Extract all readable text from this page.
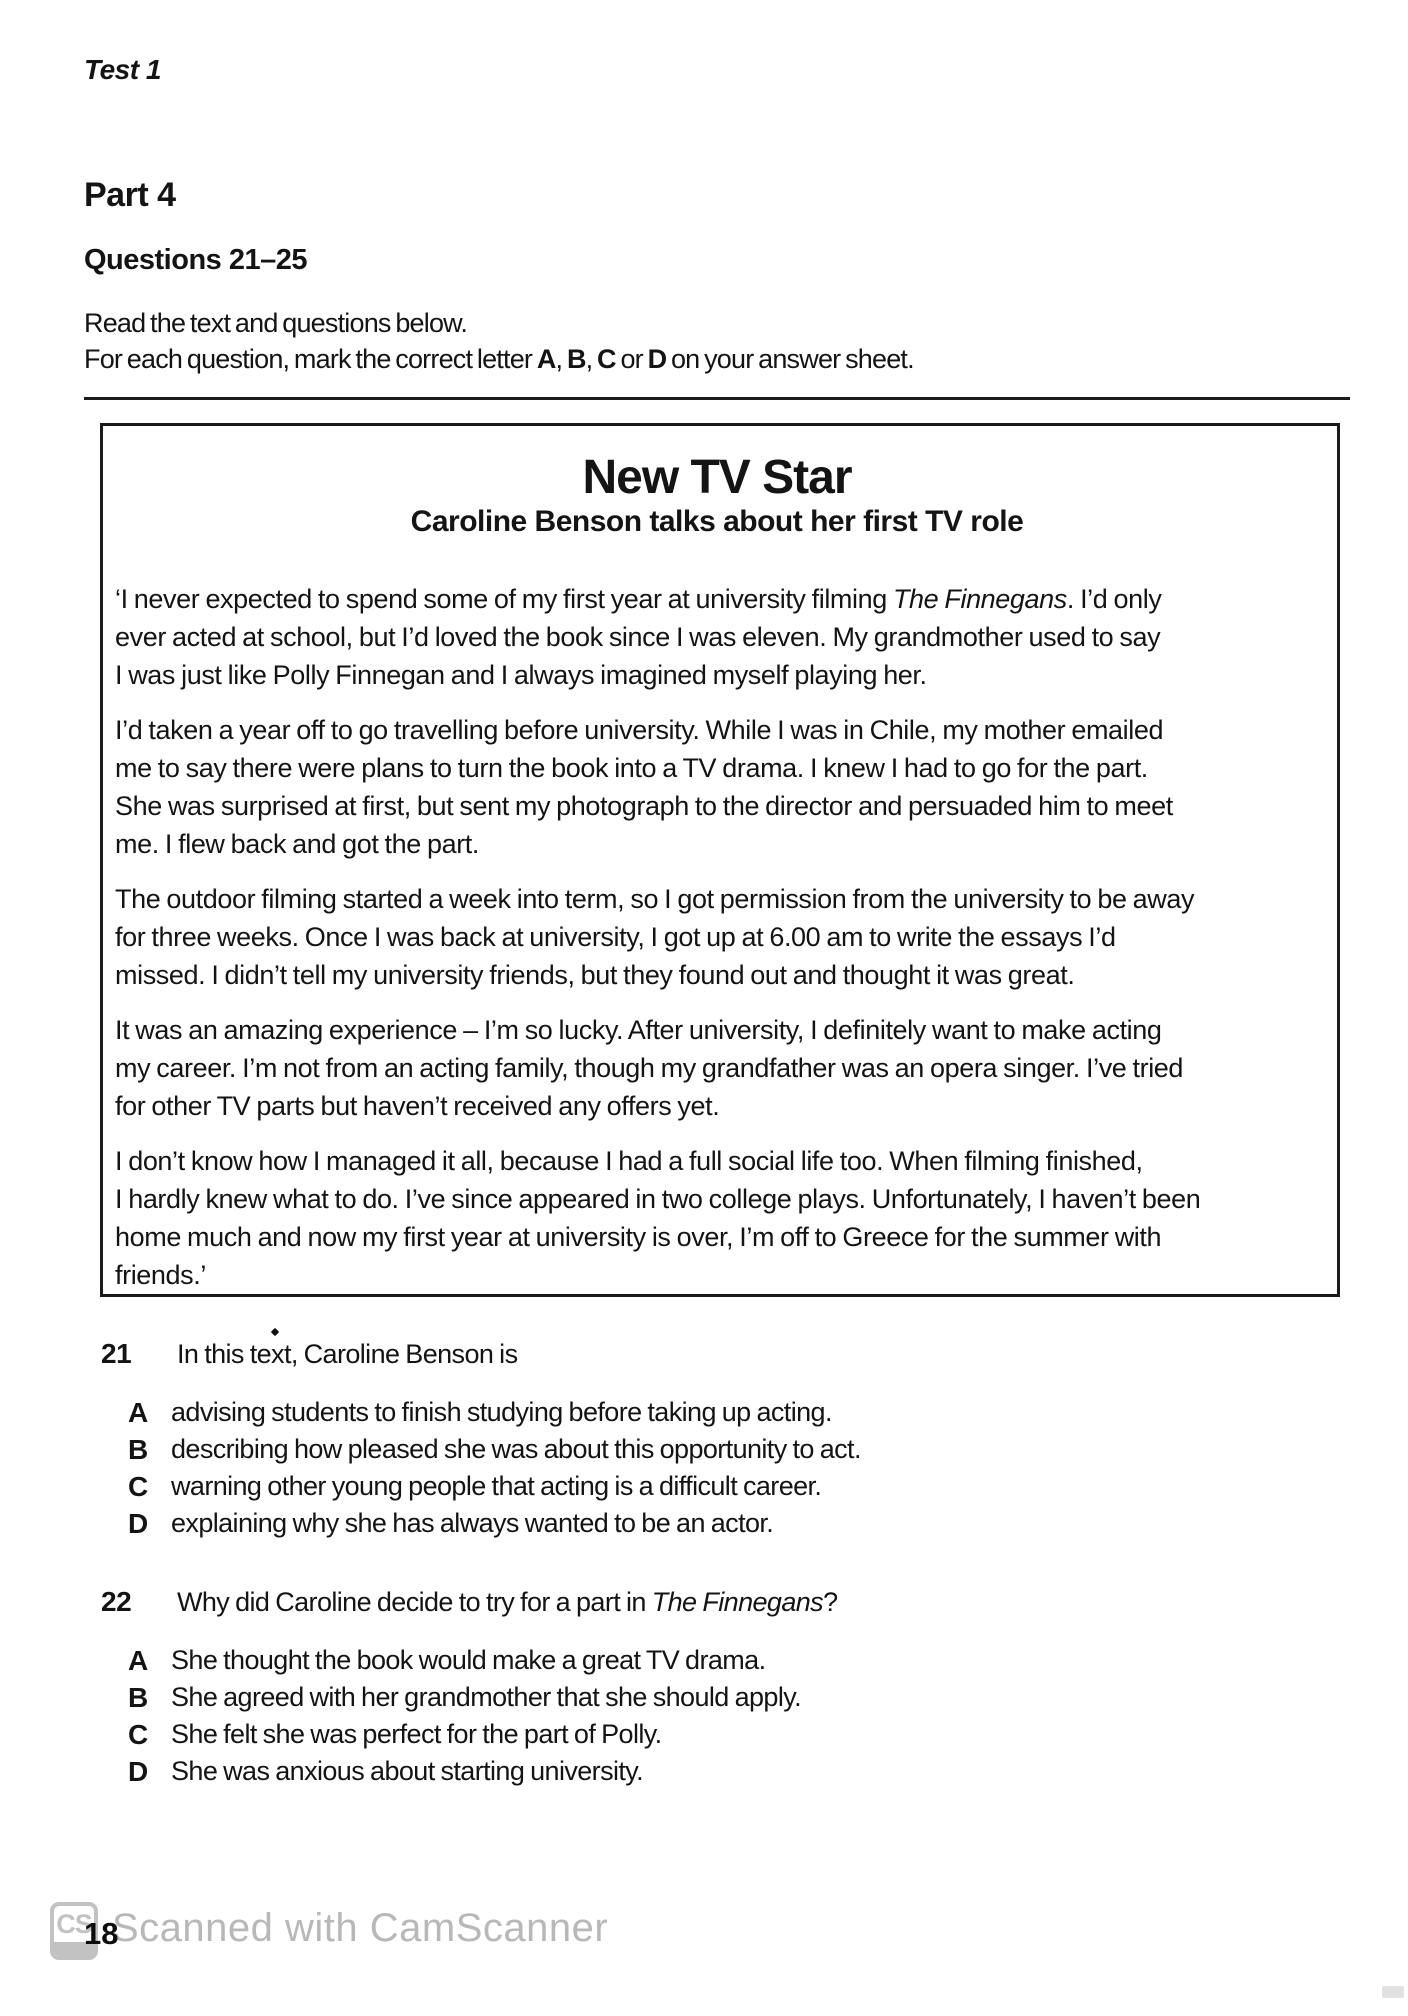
Test 1
Part 4
Questions 21–25
Read the text and questions below.
For each question, mark the correct letter A, B, C or D on your answer sheet.
New TV Star
Caroline Benson talks about her first TV role
‘I never expected to spend some of my first year at university filming The Finnegans. I’d only
ever acted at school, but I’d loved the book since I was eleven. My grandmother used to say
I was just like Polly Finnegan and I always imagined myself playing her.
I’d taken a year off to go travelling before university. While I was in Chile, my mother emailed
me to say there were plans to turn the book into a TV drama. I knew I had to go for the part.
She was surprised at first, but sent my photograph to the director and persuaded him to meet
me. I flew back and got the part.
The outdoor filming started a week into term, so I got permission from the university to be away
for three weeks. Once I was back at university, I got up at 6.00 am to write the essays I’d
missed. I didn’t tell my university friends, but they found out and thought it was great.
It was an amazing experience – I’m so lucky. After university, I definitely want to make acting
my career. I’m not from an acting family, though my grandfather was an opera singer. I’ve tried
for other TV parts but haven’t received any offers yet.
I don’t know how I managed it all, because I had a full social life too. When filming finished,
I hardly knew what to do. I’ve since appeared in two college plays. Unfortunately, I haven’t been
home much and now my first year at university is over, I’m off to Greece for the summer with
friends.’
21	In this text, Caroline Benson is
A advising students to finish studying before taking up acting.
B describing how pleased she was about this opportunity to act.
C warning other young people that acting is a difficult career.
D explaining why she has always wanted to be an actor.
22	Why did Caroline decide to try for a part in The Finnegans?
A She thought the book would make a great TV drama.
B She agreed with her grandmother that she should apply.
C She felt she was perfect for the part of Polly.
D She was anxious about starting university.
CS
18
Scanned with CamScanner
